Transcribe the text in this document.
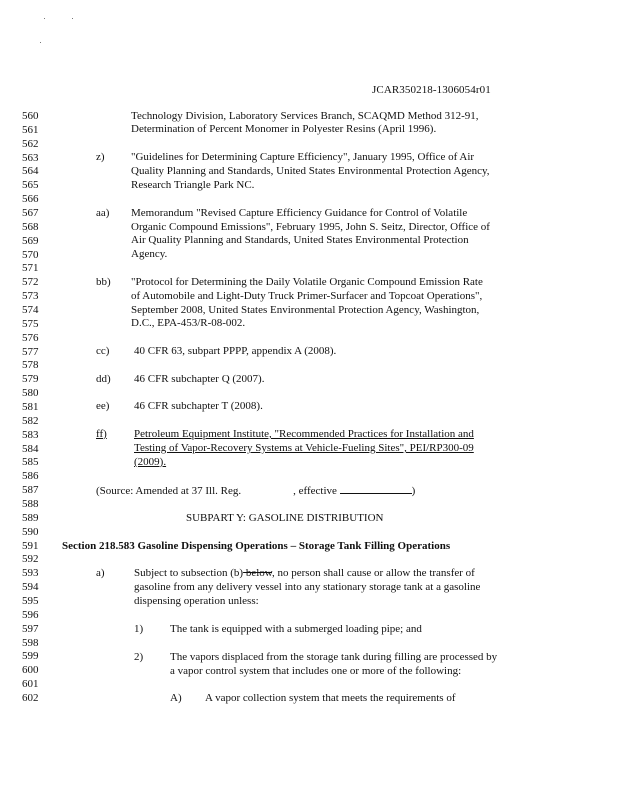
JCAR350218-1306054r01
560
561
562
563
564
565
566
567
568
569
570
571
572
573
574
575
576
577
578
579
580
581
582
583
584
585
586
587
588
589
590
591
592
593
594
595
596
597
598
599
600
601
602
Technology Division, Laboratory Services Branch, SCAQMD Method 312-91,
Determination of Percent Monomer in Polyester Resins (April 1996).
z) "Guidelines for Determining Capture Efficiency", January 1995, Office of Air
Quality Planning and Standards, United States Environmental Protection Agency,
Research Triangle Park NC.
aa) Memorandum "Revised Capture Efficiency Guidance for Control of Volatile
Organic Compound Emissions", February 1995, John S. Seitz, Director, Office of
Air Quality Planning and Standards, United States Environmental Protection
Agency.
bb) "Protocol for Determining the Daily Volatile Organic Compound Emission Rate
of Automobile and Light-Duty Truck Primer-Surfacer and Topcoat Operations",
September 2008, United States Environmental Protection Agency, Washington,
D.C., EPA-453/R-08-002.
cc) 40 CFR 63, subpart PPPP, appendix A (2008).
dd) 46 CFR subchapter Q (2007).
ee) 46 CFR subchapter T (2008).
ff) Petroleum Equipment Institute, "Recommended Practices for Installation and
Testing of Vapor-Recovery Systems at Vehicle-Fueling Sites", PEI/RP300-09
(2009).
(Source: Amended at 37 Ill. Reg.	, effective	)
SUBPART Y: GASOLINE DISTRIBUTION
Section 218.583 Gasoline Dispensing Operations – Storage Tank Filling Operations
a)	Subject to subsection (b) below, no person shall cause or allow the transfer of
gasoline from any delivery vessel into any stationary storage tank at a gasoline
dispensing operation unless:
1) The tank is equipped with a submerged loading pipe; and
2) The vapors displaced from the storage tank during filling are processed by
a vapor control system that includes one or more of the following:
A) A vapor collection system that meets the requirements of
